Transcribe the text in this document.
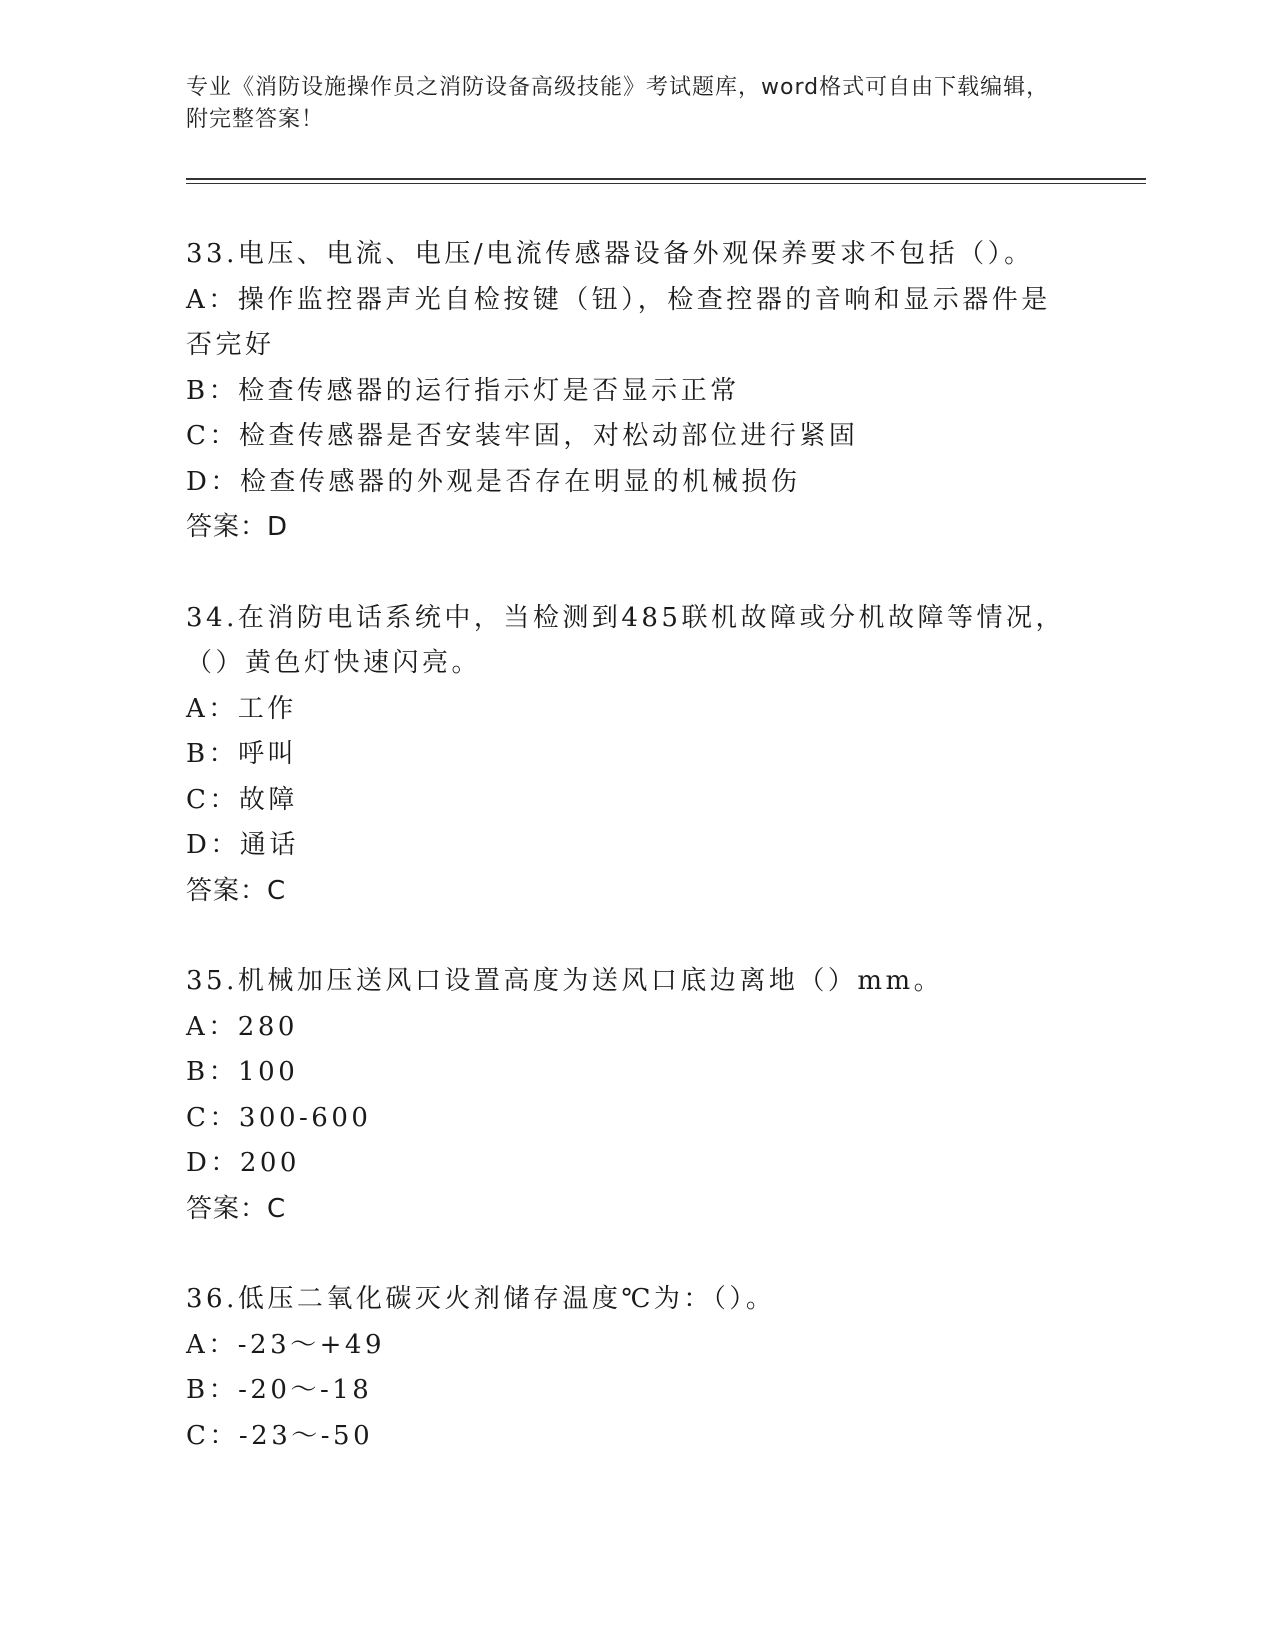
专业《消防设施操作员之消防设备高级技能》考试题库，word格式可自由下载编辑，附完整答案！
33.电压、电流、电压/电流传感器设备外观保养要求不包括（）。
A：操作监控器声光自检按键（钮），检查控器的音响和显示器件是否完好
B：检查传感器的运行指示灯是否显示正常
C：检查传感器是否安装牢固，对松动部位进行紧固
D：检查传感器的外观是否存在明显的机械损伤
答案：D
34.在消防电话系统中，当检测到485联机故障或分机故障等情况，（）黄色灯快速闪亮。
A：工作
B：呼叫
C：故障
D：通话
答案：C
35.机械加压送风口设置高度为送风口底边离地（）mm。
A：280
B：100
C：300-600
D：200
答案：C
36.低压二氧化碳灭火剂储存温度℃为：（）。
A：-23～+49
B：-20～-18
C：-23～-50
